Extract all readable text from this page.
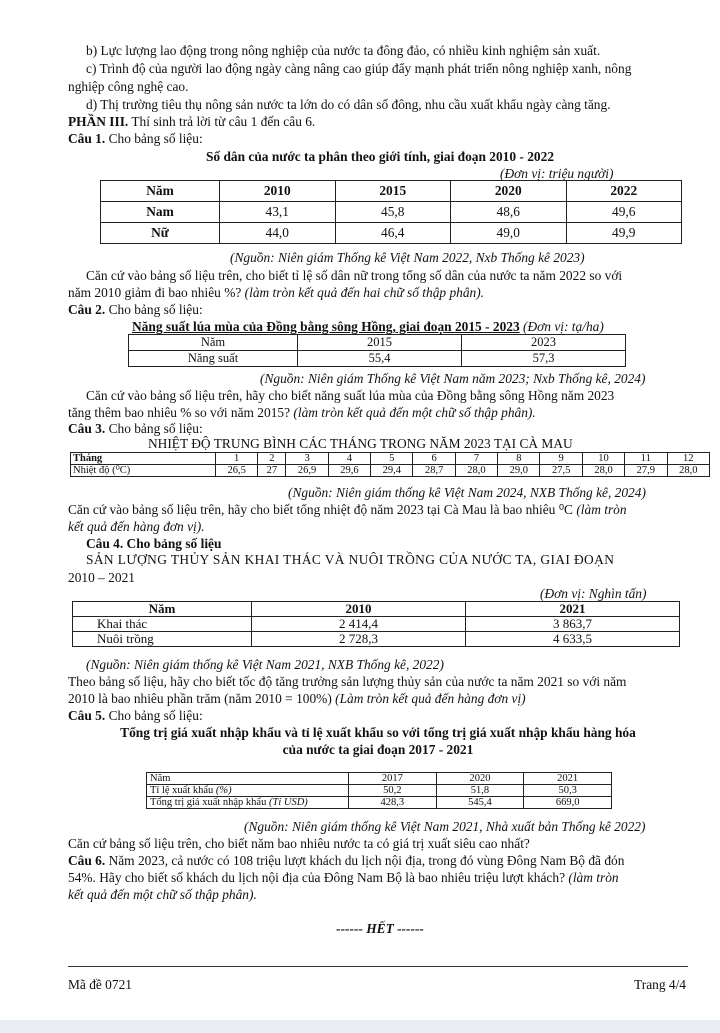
b) Lực lượng lao động trong nông nghiệp của nước ta đông đảo, có nhiều kinh nghiệm sản xuất.
c) Trình độ của người lao động ngày càng nâng cao giúp đẩy mạnh phát triển nông nghiệp xanh, nông
nghiệp công nghệ cao.
d) Thị trường tiêu thụ nông sản nước ta lớn do có dân số đông, nhu cầu xuất khẩu ngày càng tăng.
PHẦN III. Thí sinh trả lời từ câu 1 đến câu 6.
Câu 1. Cho bảng số liệu:
Số dân của nước ta phân theo giới tính, giai đoạn 2010 - 2022
(Đơn vị: triệu người)
Năm	2010	2015	2020	2022
Nam	43,1	45,8	48,6	49,6
Nữ	44,0	46,4	49,0	49,9
(Nguồn: Niên giám Thống kê Việt Nam 2022, Nxb Thống kê 2023)
Căn cứ vào bảng số liệu trên, cho biết tỉ lệ số dân nữ trong tổng số dân của nước ta năm 2022 so với
năm 2010 giảm đi bao nhiêu %? (làm tròn kết quả đến hai chữ số thập phân).
Câu 2. Cho bảng số liệu:
Năng suất lúa mùa của Đồng bằng sông Hồng, giai đoạn 2015 - 2023 (Đơn vị: tạ/ha)
Năm	2015	2023
Năng suất	55,4	57,3
(Nguồn: Niên giám Thống kê Việt Nam năm 2023; Nxb Thống kê, 2024)
Căn cứ vào bảng số liệu trên, hãy cho biết năng suất lúa mùa của Đồng bằng sông Hồng năm 2023
tăng thêm bao nhiêu % so với năm 2015? (làm tròn kết quả đến một chữ số thập phân).
Câu 3. Cho bảng số liệu:
NHIỆT ĐỘ TRUNG BÌNH CÁC THÁNG TRONG NĂM 2023 TẠI CÀ MAU
Tháng	1	2	3	4	5	6	7	8	9	10	11	12
Nhiệt độ (⁰C)	26,5	27	26,9	29,6	29,4	28,7	28,0	29,0	27,5	28,0	27,9	28,0
(Nguồn: Niên giám thống kê Việt Nam 2024, NXB Thống kê, 2024)
Căn cứ vào bảng số liệu trên, hãy cho biết tổng nhiệt độ năm 2023 tại Cà Mau là bao nhiêu ⁰C (làm tròn
kết quả đến hàng đơn vị).
Câu 4. Cho bảng số liệu
SẢN LƯỢNG THỦY SẢN KHAI THÁC VÀ NUÔI TRỒNG CỦA NƯỚC TA, GIAI ĐOẠN
2010 – 2021
(Đơn vị: Nghìn tấn)
Năm	2010	2021
Khai thác	2 414,4	3 863,7
Nuôi trồng	2 728,3	4 633,5
(Nguồn: Niên giám thống kê Việt Nam 2021, NXB Thống kê, 2022)
Theo bảng số liệu, hãy cho biết tốc độ tăng trưởng sản lượng thủy sản của nước ta năm 2021 so với năm
2010 là bao nhiêu phần trăm (năm 2010 = 100%) (Làm tròn kết quả đến hàng đơn vị)
Câu 5. Cho bảng số liệu:
Tổng trị giá xuất nhập khẩu và tỉ lệ xuất khẩu so với tổng trị giá xuất nhập khẩu hàng hóa
của nước ta giai đoạn 2017 - 2021
Năm	2017	2020	2021
Tỉ lệ xuất khẩu (%)	50,2	51,8	50,3
Tổng trị giá xuất nhập khẩu (Tỉ USD)	428,3	545,4	669,0
(Nguồn: Niên giám thống kê Việt Nam 2021, Nhà xuất bản Thống kê 2022)
Căn cứ bảng số liệu trên, cho biết năm bao nhiêu nước ta có giá trị xuất siêu cao nhất?
Câu 6. Năm 2023, cả nước có 108 triệu lượt khách du lịch nội địa, trong đó vùng Đông Nam Bộ đã đón
54%. Hãy cho biết số khách du lịch nội địa của Đông Nam Bộ là bao nhiêu triệu lượt khách? (làm tròn
kết quả đến một chữ số thập phân).
------ HẾT ------
Mã đề 0721	Trang 4/4
